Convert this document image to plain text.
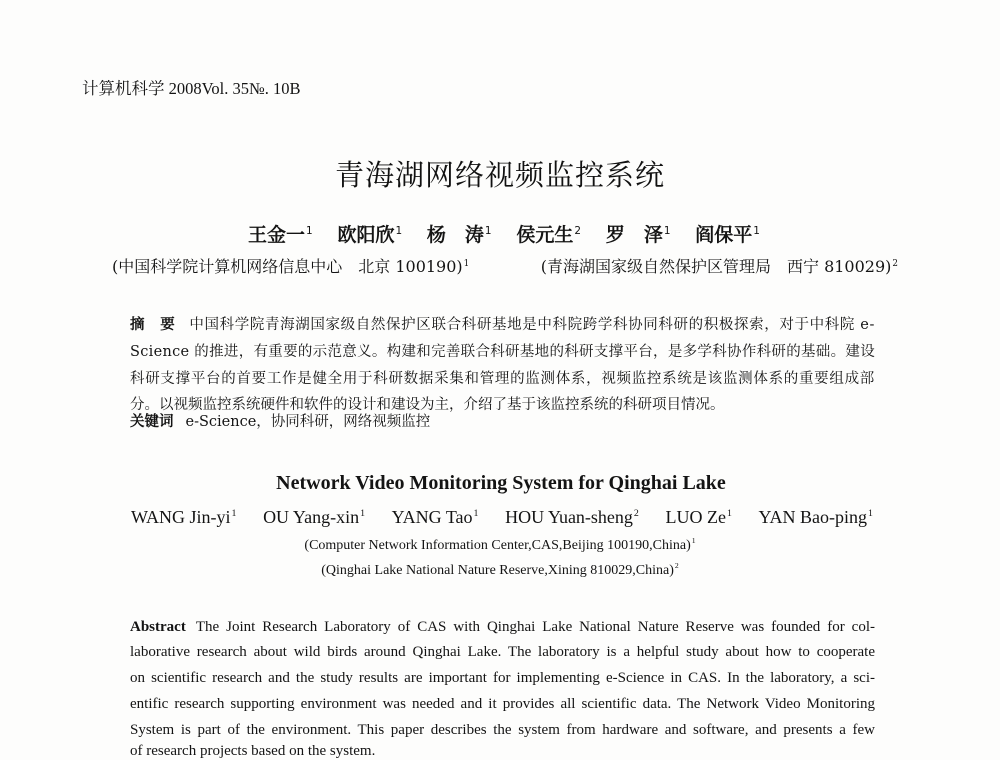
计算机科学 2008Vol. 35№. 10B
青海湖网络视频监控系统
王金一$^1$ 欧阳欣$^1$ 杨　涛$^1$ 侯元生$^2$ 罗　泽$^1$ 阎保平$^1$
(中国科学院计算机网络信息中心　北京 100190)$^1$	(青海湖国家级自然保护区管理局　西宁 810029)$^2$
摘　要 中国科学院青海湖国家级自然保护区联合科研基地是中科院跨学科协同科研的积极探索，对于中科院 e-
Science 的推进，有重要的示范意义。构建和完善联合科研基地的科研支撑平台，是多学科协作科研的基础。建设
科研支撑平台的首要工作是健全用于科研数据采集和管理的监测体系，视频监控系统是该监测体系的重要组成部
分。以视频监控系统硬件和软件的设计和建设为主，介绍了基于该监控系统的科研项目情况。
关键词 e-Science，协同科研，网络视频监控
Network Video Monitoring System for Qinghai Lake
WANG Jin-$yi^1$ OU Yang-xin$^1$ YANG Tao$^1$ HOU Yuan-sheng$^2$ LUO Ze$^1$ YAN Bao-ping$^1$
(Computer Network Information Center,CAS,Beijing 100190,China)$^1$
(Qinghai Lake National Nature Reserve,Xining 810029,China)$^2$
Abstract The Joint Research Laboratory of CAS with Qinghai Lake National Nature Reserve was founded for col-
laborative research about wild birds around Qinghai Lake. The laboratory is a helpful study about how to cooperate
on scientific research and the study results are important for implementing e-Science in CAS. In the laboratory, a sci-
entific research supporting environment was needed and it provides all scientific data. The Network Video Monitoring
System is part of the environment. This paper describes the system from hardware and software, and presents a few
of research projects based on the system.
